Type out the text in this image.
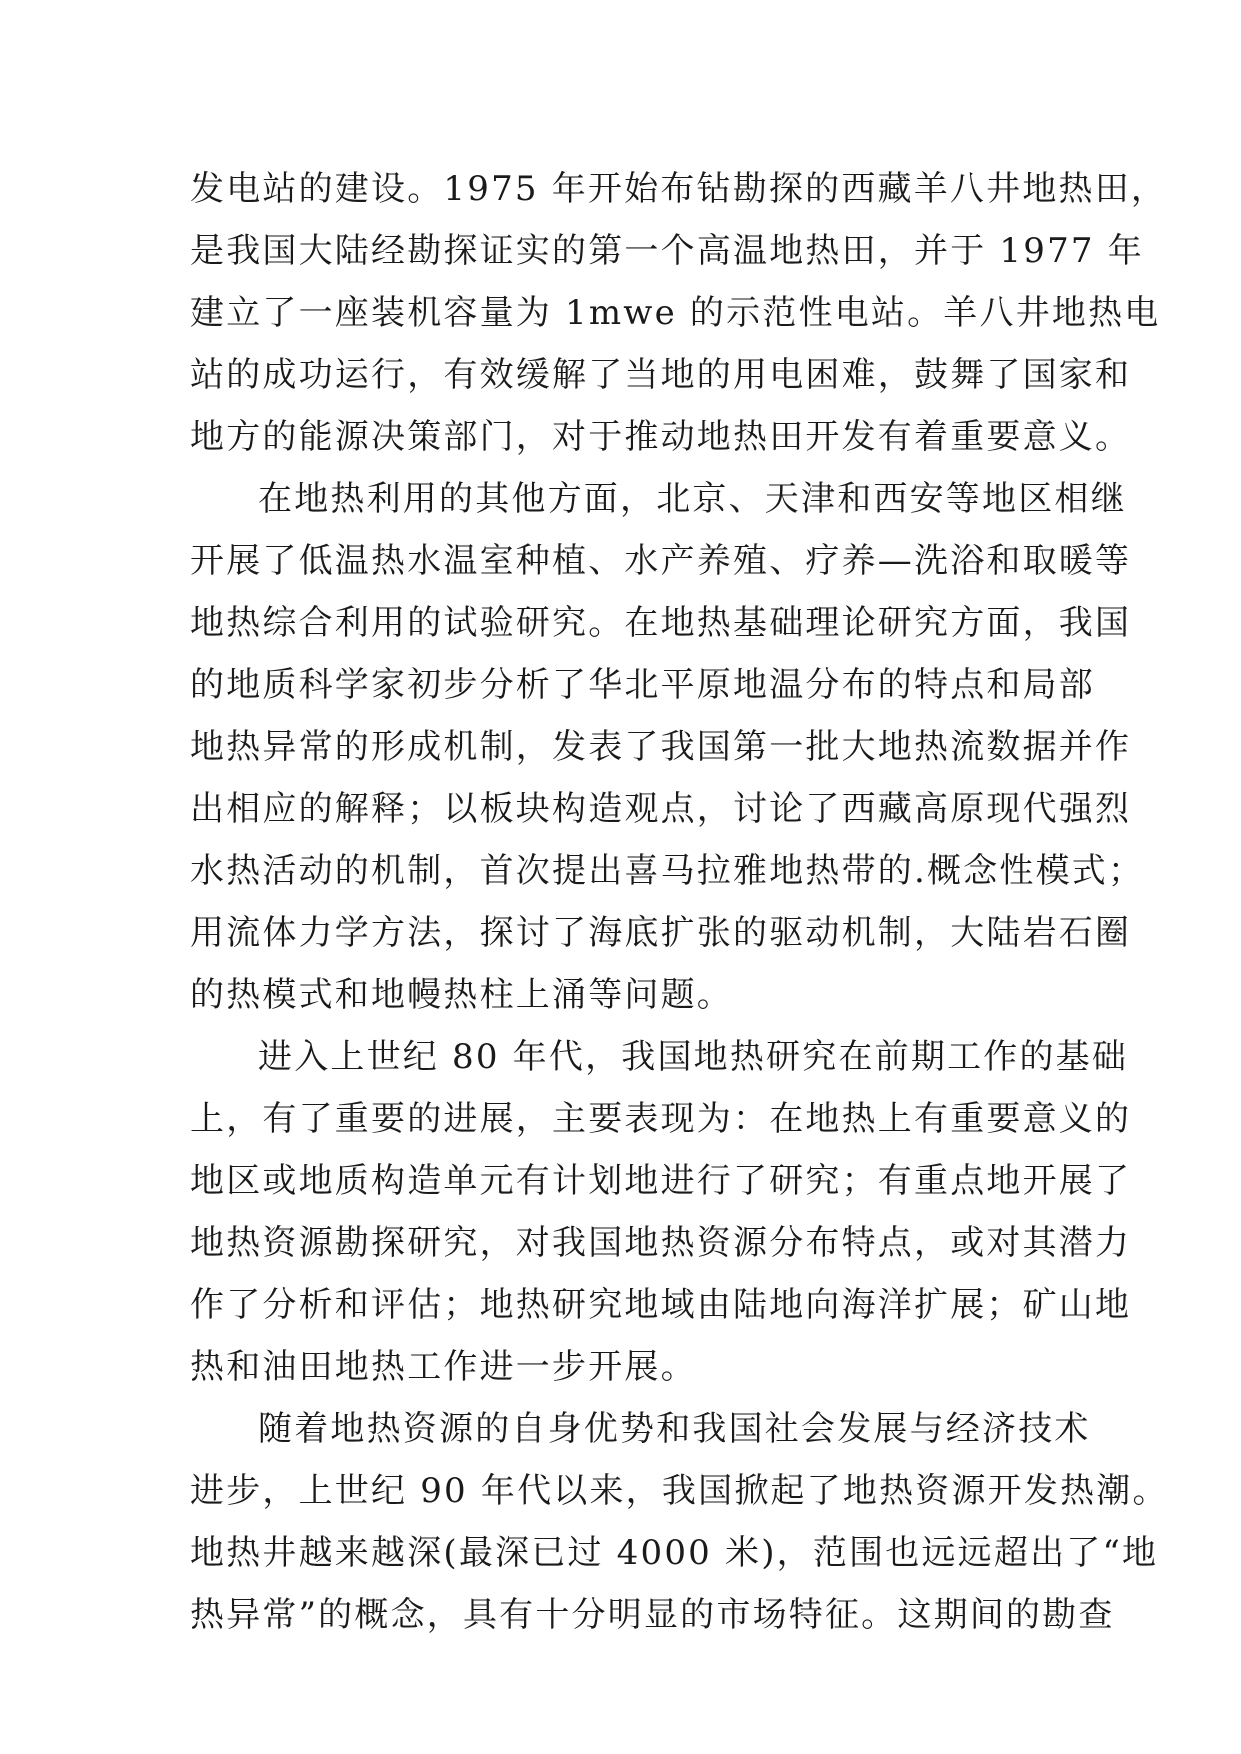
发电站的建设。1975 年开始布钻勘探的西藏羊八井地热田，
是我国大陆经勘探证实的第一个高温地热田，并于 1977 年
建立了一座装机容量为 1mwe 的示范性电站。羊八井地热电
站的成功运行，有效缓解了当地的用电困难，鼓舞了国家和
地方的能源决策部门，对于推动地热田开发有着重要意义。
在地热利用的其他方面，北京、天津和西安等地区相继
开展了低温热水温室种植、水产养殖、疗养—洗浴和取暖等
地热综合利用的试验研究。在地热基础理论研究方面，我国
的地质科学家初步分析了华北平原地温分布的特点和局部
地热异常的形成机制，发表了我国第一批大地热流数据并作
出相应的解释；以板块构造观点，讨论了西藏高原现代强烈
水热活动的机制，首次提出喜马拉雅地热带的.概念性模式；
用流体力学方法，探讨了海底扩张的驱动机制，大陆岩石圈
的热模式和地幔热柱上涌等问题。
进入上世纪 80 年代，我国地热研究在前期工作的基础
上，有了重要的进展，主要表现为：在地热上有重要意义的
地区或地质构造单元有计划地进行了研究；有重点地开展了
地热资源勘探研究，对我国地热资源分布特点，或对其潜力
作了分析和评估；地热研究地域由陆地向海洋扩展；矿山地
热和油田地热工作进一步开展。
随着地热资源的自身优势和我国社会发展与经济技术
进步，上世纪 90 年代以来，我国掀起了地热资源开发热潮。
地热井越来越深(最深已过 4000 米)，范围也远远超出了“地
热异常”的概念，具有十分明显的市场特征。这期间的勘查
